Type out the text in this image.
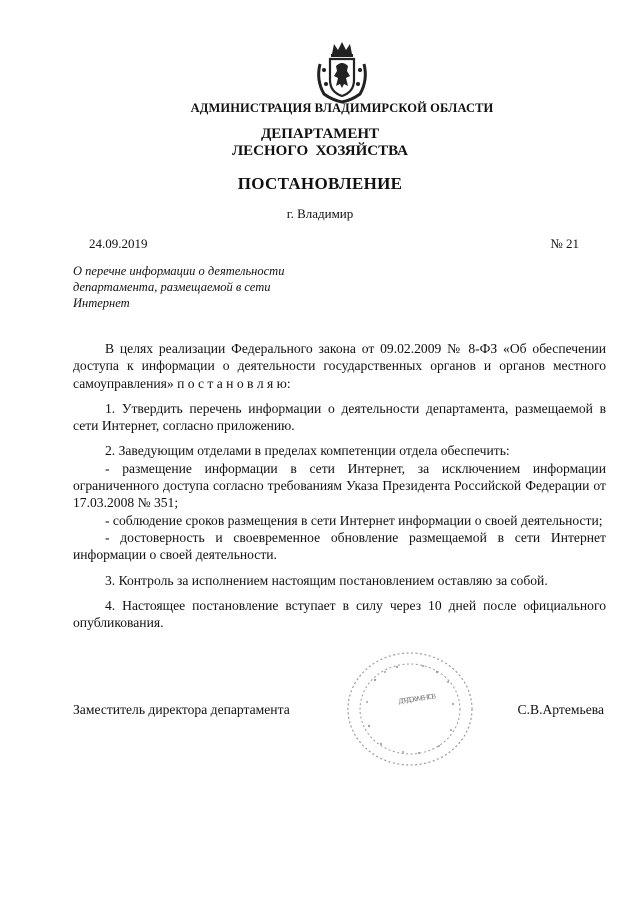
АДМИНИСТРАЦИЯ ВЛАДИМИРСКОЙ ОБЛАСТИ
ДЕПАРТАМЕНТ
ЛЕСНОГО  ХОЗЯЙСТВА
ПОСТАНОВЛЕНИЕ
г. Владимир
24.09.2019	№ 21
О перечне информации о деятельности
департамента, размещаемой в сети
Интернет

В целях реализации Федерального закона от 09.02.2009 № 8-ФЗ «Об обеспечении доступа к информации о деятельности государственных органов и органов местного самоуправления» п о с т а н о в л я ю:

1. Утвердить перечень информации о деятельности департамента, размещаемой в сети Интернет, согласно приложению.

2. Заведующим отделами в пределах компетенции отдела обеспечить:

- размещение информации в сети Интернет, за исключением информации ограниченного доступа согласно требованиям Указа Президента Российской Федерации от 17.03.2008 № 351;

- соблюдение сроков размещения в сети Интернет информации о своей деятельности;

- достоверность и своевременное обновление размещаемой в сети Интернет информации о своей деятельности.

3. Контроль за исполнением настоящим постановлением оставляю за собой.

4. Настоящее постановление вступает в силу через 10 дней после официального опубликования.

ДЛЯ ДОКУМЕНТОВ
Заместитель директора департамента	С.В.Артемьева
